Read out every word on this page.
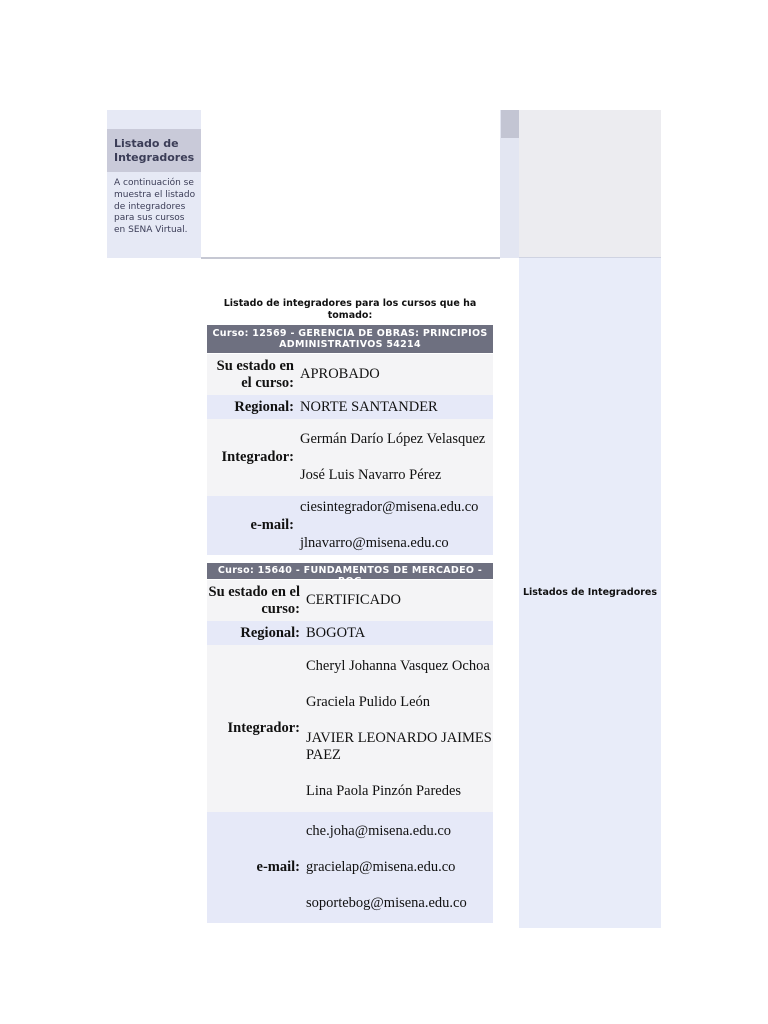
Listado de Integradores
A continuación se muestra el listado de integradores para sus cursos en SENA Virtual.
Listados de Integradores
Listado de integradores para los cursos que ha tomado:
Curso: 12569 - GERENCIA DE OBRAS: PRINCIPIOS ADMINISTRATIVOS 54214
Su estado en el curso:
APROBADO
Regional: NORTE SANTANDER
Integrador:
Germán Darío López Velasquez
José Luis Navarro Pérez
e-mail:
ciesintegrador@misena.edu.co
jlnavarro@misena.edu.co
Curso: 15640 - FUNDAMENTOS DE MERCADEO -
Su estado en el curso:
CERTIFICADO
Regional: BOGOTA
Integrador:
Cheryl Johanna Vasquez Ochoa
Graciela Pulido León
JAVIER LEONARDO JAIMES PAEZ
Lina Paola Pinzón Paredes
e-mail:
che.joha@misena.edu.co
gracielap@misena.edu.co
soportebog@misena.edu.co
